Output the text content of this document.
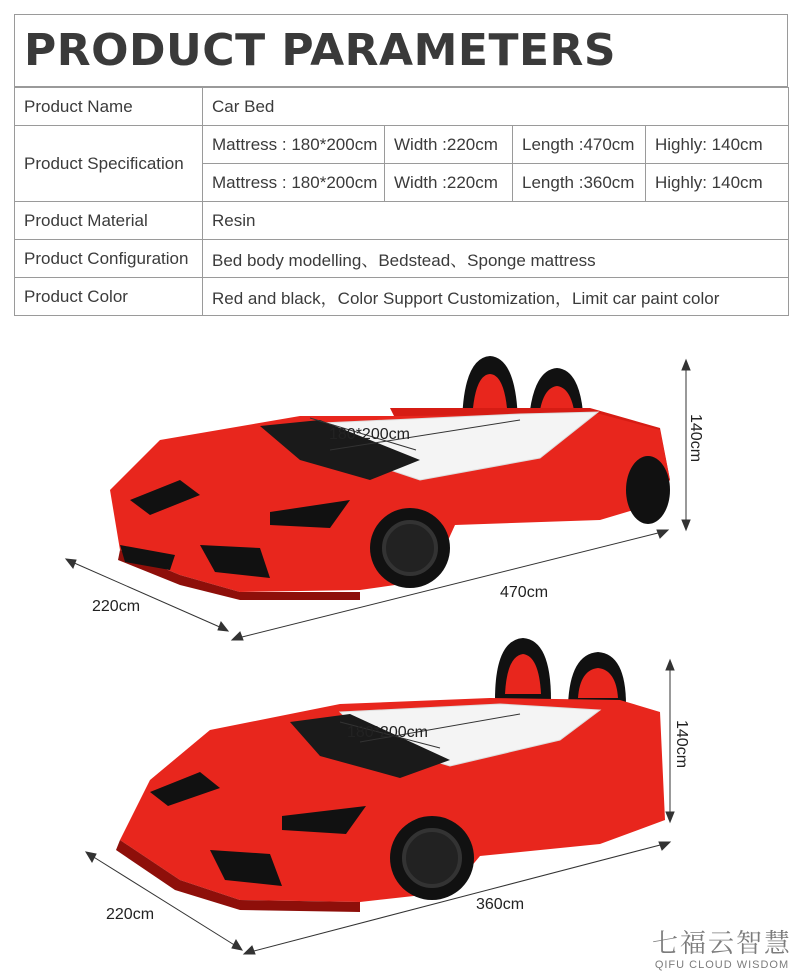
PRODUCT PARAMETERS
Product Name	Car Bed			
Product Specification	Mattress : 180*200cm	Width :220cm	Length :470cm	Highly: 140cm
	Mattress : 180*200cm	Width :220cm	Length :360cm	Highly: 140cm
Product Material	Resin			
Product Configuration	Bed body modelling、Bedstead、Sponge mattress			
Product Color	Red and black，Color Support Customization，Limit car paint color			
180*200cm	140cm
220cm
470cm
180*200cm	140cm
220cm
360cm
七福云智慧
QIFU CLOUD WISDOM
